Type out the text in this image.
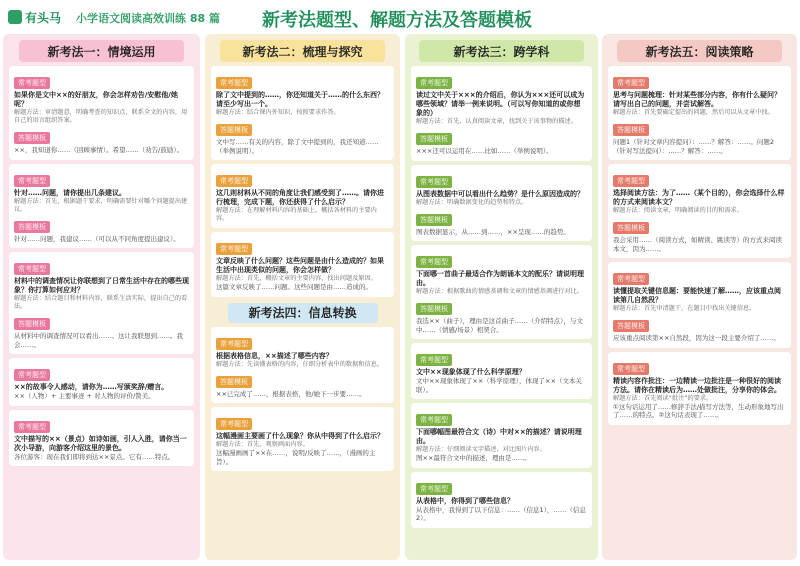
有头马 小学语文阅读高效训练 88 篇 新考法题型、解题方法及答题模板
新考法一：情境运用
常考题型
如果你是文中××的好朋友，你会怎样劝告/安慰他/她呢？
解题方法：审清题意，明确考查的知识点，联系全文的内容，用自己的语言组织答案。
答题模板
××，我知道你……（回顾事情）。希望……（劝告/鼓励）。
常考题型
针对……问题，请你提出几条建议。
解题方法：首先，根据题干要求，明确需要针对哪个问题提出建议。
答题模板
针对……问题，我建议……（可以从不同角度提出建议）。
常考题型
材料中的调查情况让你联想到了日常生活中存在的哪些现象？你打算如何应对？
解题方法：结合题目和材料内容，联系生活实际，提出自己的看法。
答题模板
从材料中的调查情况可以看出……。这让我联想到……。我会……。
常考题型
××的故事令人感动，请你为……写颁奖辞/赠言。
××（人物）+ 主要事迹 + 对人物的评价/赞美。
常考题型
文中描写的××（景点）如诗如画，引人入胜，请你当一次小导游，向游客介绍这里的景色。
各位游客：现在我们即将到达××景点。它有……特点。
新考法二：梳理与探究
常考题型
除了文中提到的……，你还知道关于……的什么东西？请至少写出一个。
解题方法：结合课内外知识，按照要求作答。
答题模板
文中写……有关的内容，除了文中提到的，我还知道……（举例说明）。
常考题型
这几则材料从不同的角度让我们感受到了……。请你进行梳理，完成下题，你还获得了什么启示？
解题方法：在理解材料内容的基础上，概括各材料的主要内容。
常考题型
文章反映了什么问题？这些问题是由什么造成的？如果生活中出现类似的问题，你会怎样做？
解题方法：首先，概括文章的主要内容，找出问题及原因。
这篇文章反映了……问题。这些问题是由……造成的。
新考法四：信息转换
常考题型
根据表格信息，××描述了哪些内容？
解题方法：先读懂表格的内容，仔细分析表中的数据和信息。
答题模板
××已完成了……，根据表格，他/她下一步要……。
常考题型
这幅漫画主要画了什么现象？你从中得到了什么启示？
解题方法：首先，观察画面内容。
这幅漫画画了××在……，说明/反映了……，（漫画的主旨）。
新考法三：跨学科
常考题型
读过文中关于×××的介绍后，你认为×××还可以成为哪些领域？请举一例来说明。（可以写你知道的或你想象的）
解题方法：首先，认真阅读文章，找到关于该事物的描述。
答题模板
×××还可以运用在……比如……（举例说明）。
常考题型
从图表数据中可以看出什么趋势？是什么原因造成的？
解题方法：明确数据变化的趋势和特点。
答题模板
图表数据显示，从……到……，××呈现……的趋势。
常考题型
下面哪一首曲子最适合作为朗诵本文的配乐？请说明理由。
解题方法：根据歌曲的情感基调和文章的情感基调进行对比。
答题模板
我选××（曲子），理由是这首曲子……（介绍特点），与文中……（情感/场景）相契合。
常考题型
文中××现象体现了什么科学原理？
文中××现象体现了××（科学原理），体现了××（文本关联）。
常考题型
下面哪幅图最符合文（诗）中对××的描述？请说明理由。
解题方法：仔细阅读文字描述，对比图片内容。
图××最符合文中的描述，理由是……。
常考题型
从表格中，你得到了哪些信息？
从表格中，我得到了以下信息：……（信息1），……（信息2）。
新考法五：阅读策略
常考题型
思考与问题梳理：针对某些部分内容，你有什么疑问？请写出自己的问题，并尝试解答。
解题方法：首先要确定提出的问题，然后可以从文章中找。
答题模板
问题1（针对文章内容提问）：……？解答：……。问题2（针对写法提问）：……？解答：……。
常考题型
选择阅读方法：为了……（某个目的），你会选择什么样的方式来阅读本文？
解题方法：阅读文章，明确阅读的目的和需求。
答题模板
我会采用……（阅读方式，如精读、跳读等）的方式来阅读本文，因为……。
常考题型
读懂提取关键信息题：要能快速了解……，应该重点阅读第几自然段？
解题方法：首先审清题干，在题目中找出关键信息。
答题模板
应该重点阅读第××自然段，因为这一段主要介绍了……。
常考题型
精读内容作批注：一边精读一边批注是一种很好的阅读方法。请你在精读后为……处做批注，分享你的体会。
解题方法：首先阅读“批注”的要求。
①这句话运用了……修辞手法/描写方法等，生动形象地写出了……的特点。②这句话表现了……。
